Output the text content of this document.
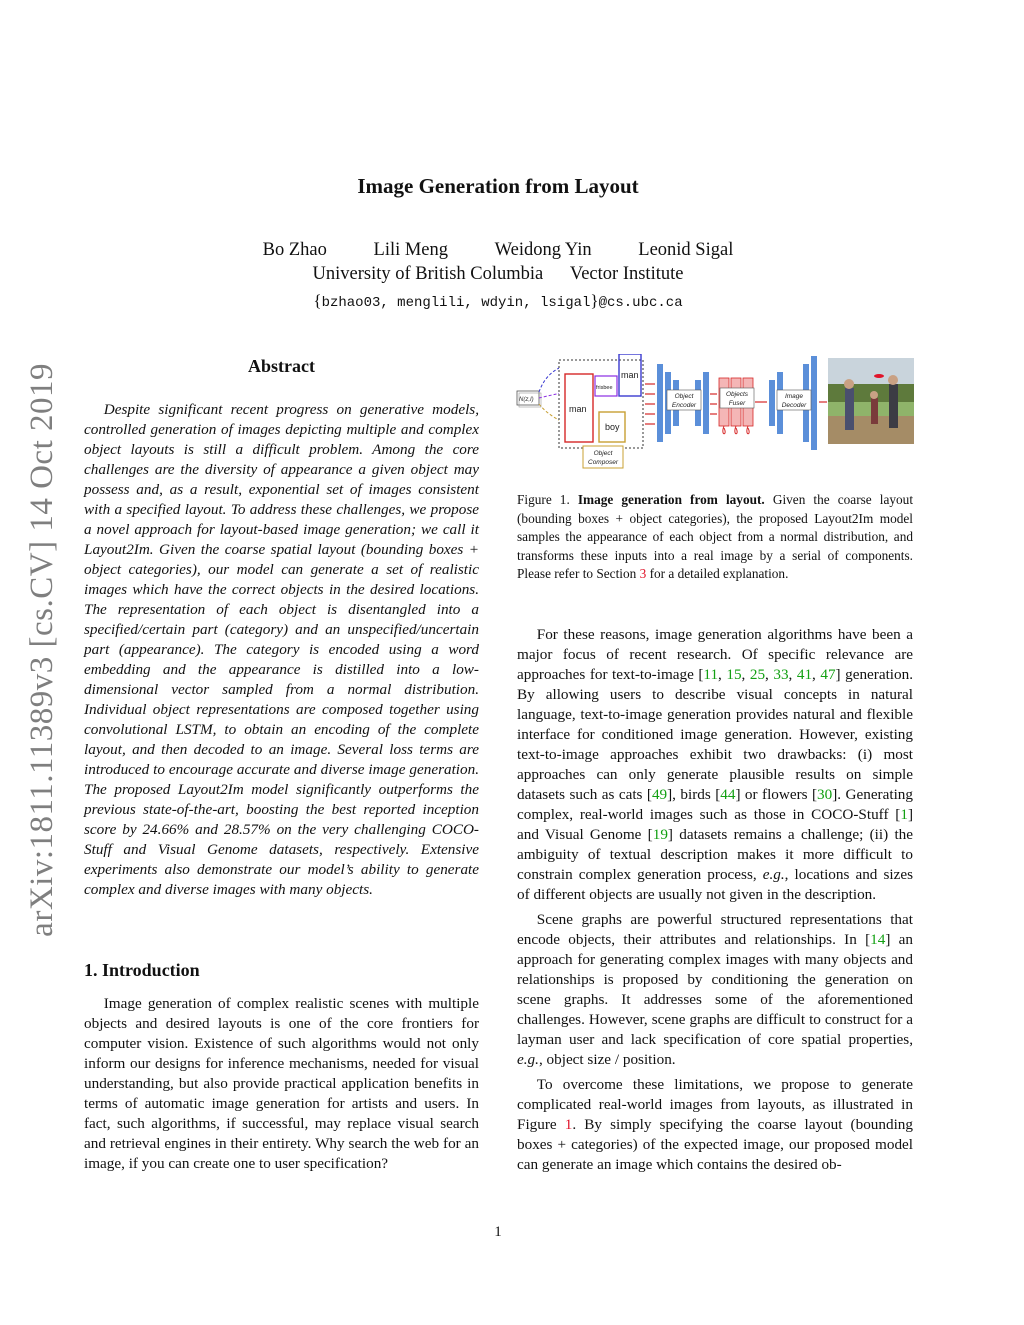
Image Generation from Layout
Bo Zhao	Lili Meng	Weidong Yin	Leonid Sigal
University of British Columbia Vector Institute
{bzhao03, menglili, wdyin, lsigal}@cs.ubc.ca
arXiv:1811.11389v3 [cs.CV] 14 Oct 2019	Abstract

Despite significant recent progress on generative models, controlled generation of images depicting multiple and complex object layouts is still a difficult problem. Among the core challenges are the diversity of appearance a given object may possess and, as a result, exponential set of images consistent with a specified layout. To address these challenges, we propose a novel approach for layout-based image generation; we call it Layout2Im. Given the coarse spatial layout (bounding boxes + object categories), our model can generate a set of realistic images which have the correct objects in the desired locations. The representation of each object is disentangled into a specified/certain part (category) and an unspecified/uncertain part (appearance). The category is encoded using a word embedding and the appearance is distilled into a low-dimensional vector sampled from a normal distribution. Individual object representations are composed together using convolutional LSTM, to obtain an encoding of the complete layout, and then decoded to an image. Several loss terms are introduced to encourage accurate and diverse image generation. The proposed Layout2Im model significantly outperforms the previous state-of-the-art, boosting the best reported inception score by 24.66% and 28.57% on the very challenging COCO-Stuff and Visual Genome datasets, respectively. Extensive experiments also demonstrate our model’s ability to generate complex and diverse images with many objects.

1. Introduction

Image generation of complex realistic scenes with multiple objects and desired layouts is one of the core frontiers for computer vision. Existence of such algorithms would not only inform our designs for inference mechanisms, needed for visual understanding, but also provide practical application benefits in terms of automatic image generation for artists and users. In fact, such algorithms, if successful, may replace visual search and retrieval engines in their entirety. Why search the web for an image, if you can create one to user specification?

N(z,I)
man
frisbee
man
boy
Object
Composer
Object
Encoder
Objects
Fuser
Image
Decoder
Figure 1. Image generation from layout. Given the coarse layout (bounding boxes + object categories), the proposed Layout2Im model samples the appearance of each object from a normal distribution, and transforms these inputs into a real image by a serial of components. Please refer to Section 3 for a detailed explanation.

For these reasons, image generation algorithms have been a major focus of recent research. Of specific relevance are approaches for text-to-image [11, 15, 25, 33, 41, 47] generation. By allowing users to describe visual concepts in natural language, text-to-image generation provides natural and flexible interface for conditioned image generation. However, existing text-to-image approaches exhibit two drawbacks: (i) most approaches can only generate plausible results on simple datasets such as cats [49], birds [44] or flowers [30]. Generating complex, real-world images such as those in COCO-Stuff [1] and Visual Genome [19] datasets remains a challenge; (ii) the ambiguity of textual description makes it more difficult to constrain complex generation process, e.g., locations and sizes of different objects are usually not given in the description.

Scene graphs are powerful structured representations that encode objects, their attributes and relationships. In [14] an approach for generating complex images with many objects and relationships is proposed by conditioning the generation on scene graphs. It addresses some of the aforementioned challenges. However, scene graphs are difficult to construct for a layman user and lack specification of core spatial properties, e.g., object size / position.

To overcome these limitations, we propose to generate complicated real-world images from layouts, as illustrated in Figure 1. By simply specifying the coarse layout (bounding boxes + categories) of the expected image, our proposed model can generate an image which contains the desired ob-

1
